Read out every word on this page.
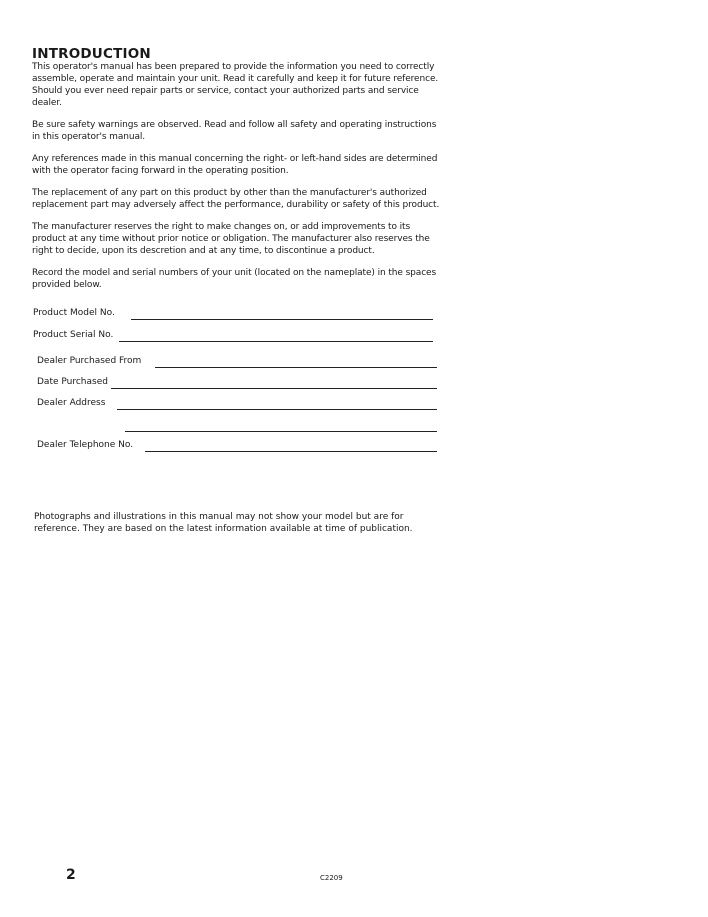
INTRODUCTION

This operator's manual has been prepared to provide the information you need to correctly assemble, operate and maintain your unit. Read it carefully and keep it for future reference. Should you ever need repair parts or service, contact your authorized parts and service dealer.

Be sure safety warnings are observed. Read and follow all safety and operating instructions in this operator's manual.

Any references made in this manual concerning the right- or left-hand sides are determined with the operator facing forward in the operating position.

The replacement of any part on this product by other than the manufacturer's authorized replacement part may adversely affect the performance, durability or safety of this product.

The manufacturer reserves the right to make changes on, or add improvements to its product at any time without prior notice or obligation. The manufacturer also reserves the right to decide, upon its descretion and at any time, to discontinue a product.

Record the model and serial numbers of your unit (located on the nameplate) in the spaces provided below.

Product Model No.
Product Serial No.
Dealer Purchased From
Date Purchased
Dealer Address
Dealer Telephone No.

Photographs and illustrations in this manual may not show your model but are for reference. They are based on the latest information available at time of publication.

2	C2209
